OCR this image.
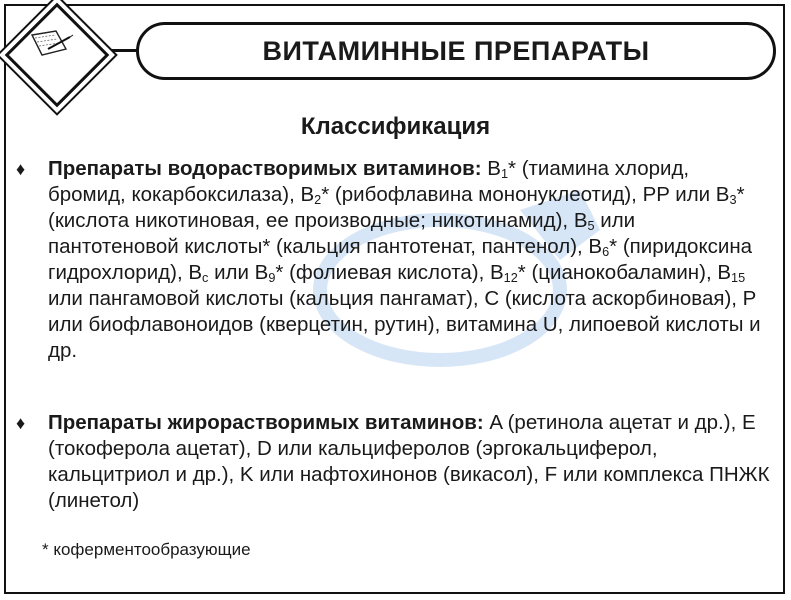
ВИТАМИННЫЕ ПРЕПАРАТЫ
Классификация
♦ Препараты водорастворимых витаминов: $B_1*$ (тиамина хлорид, бромид, кокарбоксилаза), $B_2*$ (рибофлавина мононуклеотид), PP или $B_3*$ (кислота никотиновая, ее производные; никотинамид), $B_5$ или пантотеновой кислоты* (кальция пантотенат, пантенол), $B_6*$ (пиридоксина гидрохлорид), $B_c$ или $B_9*$ (фолиевая кислота), $B_{12}*$ (цианокобаламин), $B_{15}$ или пангамовой кислоты (кальция пангамат), C (кислота аскорбиновая), P или биофлавоноидов (кверцетин, рутин), витамина U, липоевой кислоты и др.
♦ Препараты жирорастворимых витаминов: A (ретинола ацетат и др.), E (токоферола ацетат), D или кальциферолов (эргокальциферол, кальцитриол и др.), K или нафтохинонов (викасол), F или комплекса ПНЖК (линетол)
* коферментообразующие
